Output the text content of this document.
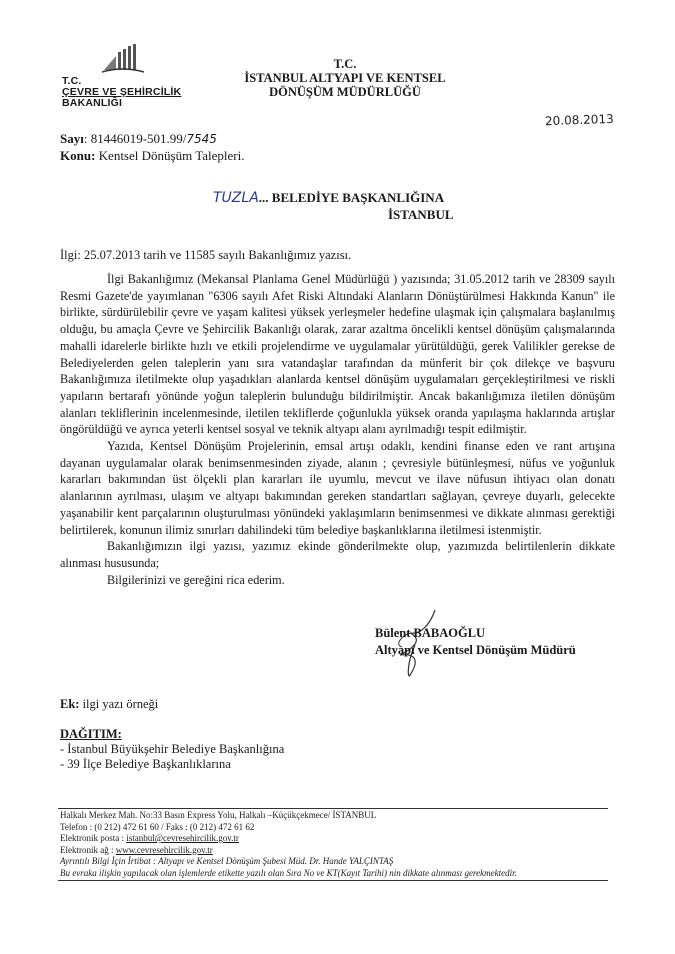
T.C.
ÇEVRE VE ŞEHİRCİLİK
BAKANLIĞI
T.C.
İSTANBUL ALTYAPI VE KENTSEL
DÖNÜŞÜM MÜDÜRLÜĞÜ
20.08.2013
Sayı: 81446019-501.99/7545
Konu: Kentsel Dönüşüm Talepleri.
TUZLA... BELEDİYE BAŞKANLIĞINA
İSTANBUL
İlgi: 25.07.2013 tarih ve 11585 sayılı Bakanlığımız yazısı.

İlgi Bakanlığımız (Mekansal Planlama Genel Müdürlüğü ) yazısında; 31.05.2012 tarih ve 28309 sayılı Resmi Gazete'de yayımlanan "6306 sayılı Afet Riski Altındaki Alanların Dönüştürülmesi Hakkında Kanun" ile birlikte, sürdürülebilir çevre ve yaşam kalitesi yüksek yerleşmeler hedefine ulaşmak için çalışmalara başlanılmış olduğu, bu amaçla Çevre ve Şehircilik Bakanlığı olarak, zarar azaltma öncelikli kentsel dönüşüm çalışmalarında mahalli idarelerle birlikte hızlı ve etkili projelendirme ve uygulamalar yürütüldüğü, gerek Valilikler gerekse de Belediyelerden gelen taleplerin yanı sıra vatandaşlar tarafından da münferit bir çok dilekçe ve başvuru Bakanlığımıza iletilmekte olup yaşadıkları alanlarda kentsel dönüşüm uygulamaları gerçekleştirilmesi ve riskli yapıların bertarafı yönünde yoğun taleplerin bulunduğu bildirilmiştir. Ancak bakanlığımıza iletilen dönüşüm alanları tekliflerinin incelenmesinde, iletilen tekliflerde çoğunlukla yüksek oranda yapılaşma haklarında artışlar öngörüldüğü ve ayrıca yeterli kentsel sosyal ve teknik altyapı alanı ayrılmadığı tespit edilmiştir.

Yazıda, Kentsel Dönüşüm Projelerinin, emsal artışı odaklı, kendini finanse eden ve rant artışına dayanan uygulamalar olarak benimsenmesinden ziyade, alanın ; çevresiyle bütünleşmesi, nüfus ve yoğunluk kararları bakımından üst ölçekli plan kararları ile uyumlu, mevcut ve ilave nüfusun ihtiyacı olan donatı alanlarının ayrılması, ulaşım ve altyapı bakımından gereken standartları sağlayan, çevreye duyarlı, gelecekte yaşanabilir kent parçalarının oluşturulması yönündeki yaklaşımların benimsenmesi ve dikkate alınması gerektiği belirtilerek, konunun ilimiz sınırları dahilindeki tüm belediye başkanlıklarına iletilmesi istenmiştir.

Bakanlığımızın ilgi yazısı, yazımız ekinde gönderilmekte olup, yazımızda belirtilenlerin dikkate alınması hususunda;

Bilgilerinizi ve gereğini rica ederim.

Bülent BABAOĞLU
Altyapı ve Kentsel Dönüşüm Müdürü
Ek: ilgi yazı örneği
DAĞITIM:
- İstanbul Büyükşehir Belediye Başkanlığına
- 39 İlçe Belediye Başkanlıklarına
Halkalı Merkez Mah. No:33 Basın Express Yolu, Halkalı –Küçükçekmece/ İSTANBUL
Telefon : (0 212) 472 61 60 / Faks : (0 212) 472 61 62
Elektronik posta : istanbul@cevresehircilik.gov.tr
Elektronik ağ : www.cevresehircilik.gov.tr
Ayrıntılı Bilgi İçin İrtibat : Altyapı ve Kentsel Dönüşüm Şubesi Müd. Dr. Hande YALÇINTAŞ
Bu evraka ilişkin yapılacak olan işlemlerde etikette yazılı olan Sıra No ve KT(Kayıt Tarihi) nin dikkate alınması gerekmektedir.
